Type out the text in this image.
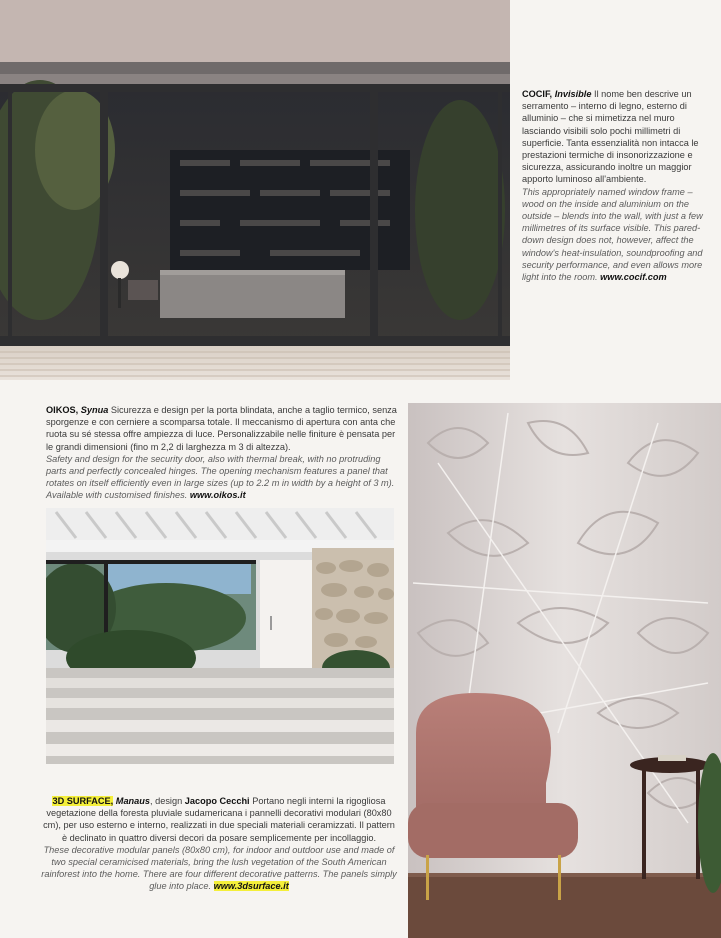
COCIF, Invisible Il nome ben descrive un serramento – interno di legno, esterno di alluminio – che si mimetizza nel muro lasciando visibili solo pochi millimetri di superficie. Tanta essenzialità non intacca le prestazioni termiche di insonorizzazione e sicurezza, assicurando inoltre un maggior apporto luminoso all'ambiente.

This appropriately named window frame – wood on the inside and aluminium on the outside – blends into the wall, with just a few millimetres of its surface visible. This pared-down design does not, however, affect the window's heat-insulation, soundproofing and security performance, and even allows more light into the room. www.cocif.com

OIKOS, Synua Sicurezza e design per la porta blindata, anche a taglio termico, senza sporgenze e con cerniere a scomparsa totale. Il meccanismo di apertura con anta che ruota su sé stessa offre ampiezza di luce. Personalizzabile nelle finiture è pensata per le grandi dimensioni (fino m 2,2 di larghezza m 3 di altezza).

Safety and design for the security door, also with thermal break, with no protruding parts and perfectly concealed hinges. The opening mechanism features a panel that rotates on itself efficiently even in large sizes (up to 2.2 m in width by a height of 3 m). Available with customised finishes. www.oikos.it

3D SURFACE, Manaus, design Jacopo Cecchi Portano negli interni la rigogliosa vegetazione della foresta pluviale sudamericana i pannelli decorativi modulari (80x80 cm), per uso esterno e interno, realizzati in due speciali materiali ceramizzati. Il pattern è declinato in quattro diversi decori da posare semplicemente per incollaggio.

These decorative modular panels (80x80 cm), for indoor and outdoor use and made of two special ceramicised materials, bring the lush vegetation of the South American rainforest into the home. There are four different decorative patterns. The panels simply glue into place. www.3dsurface.it
